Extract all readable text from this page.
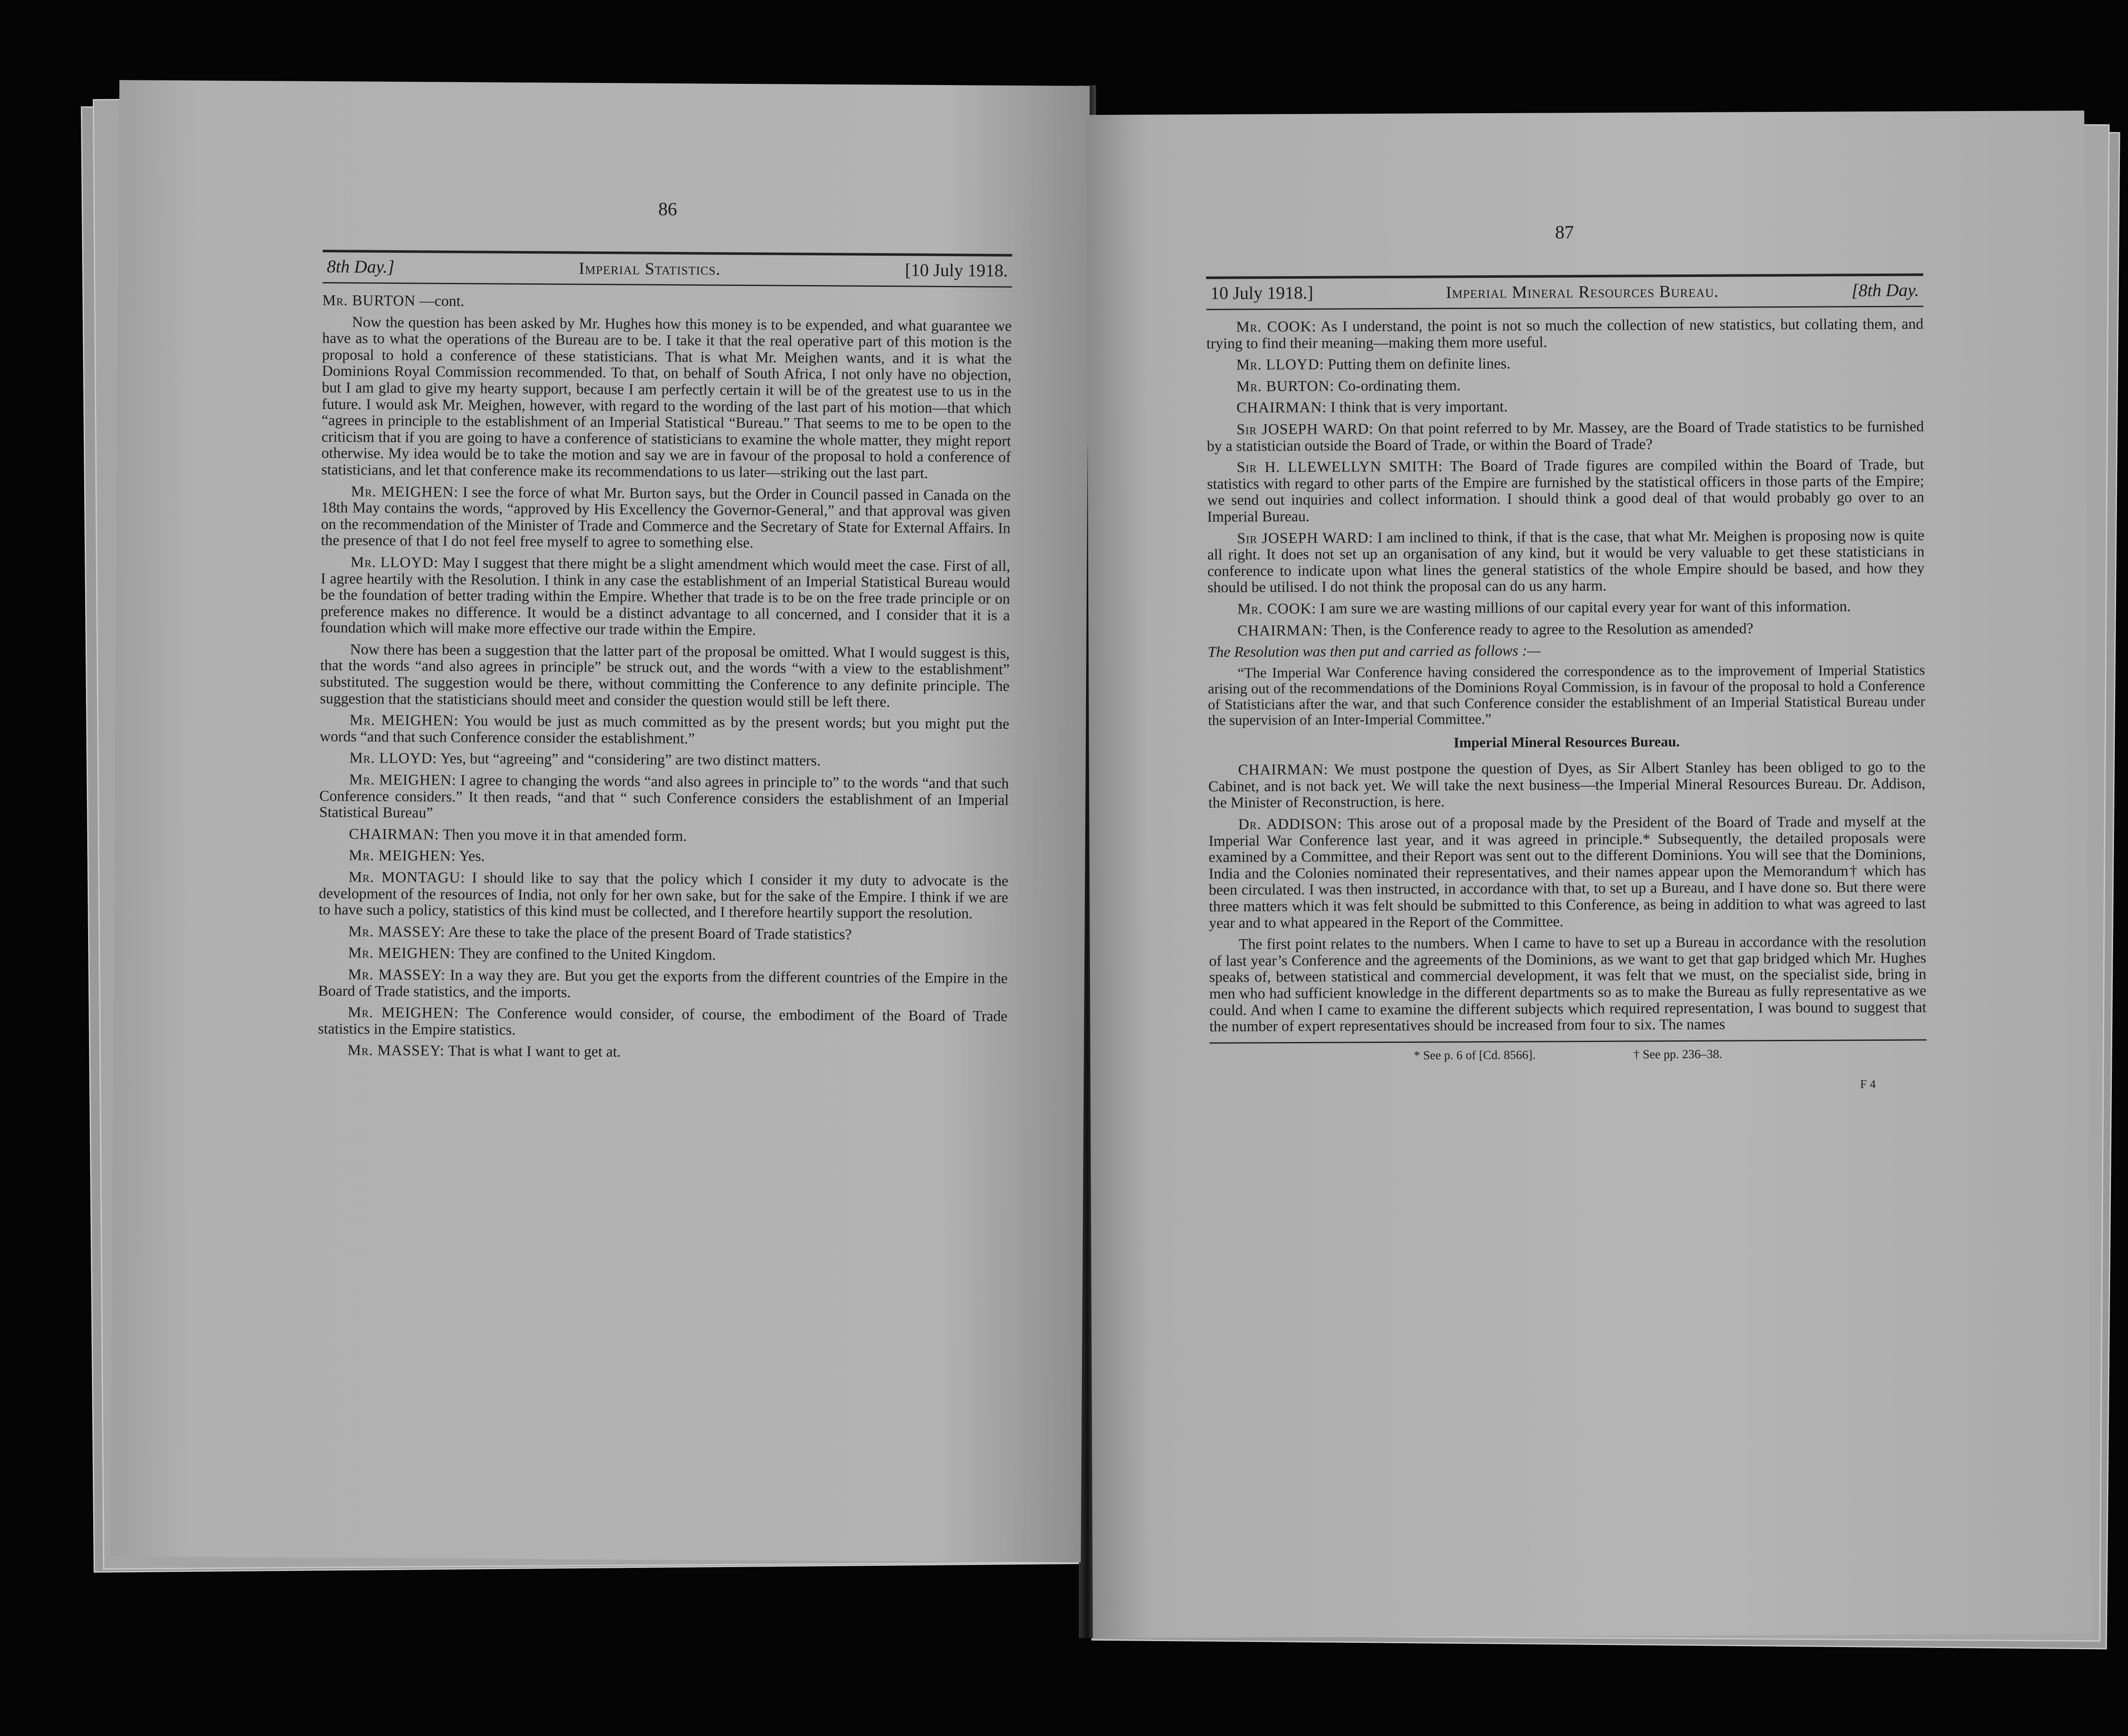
86
8th Day.]	Imperial Statistics.	[10 July 1918.

Mr. BURTON —cont.

Now the question has been asked by Mr. Hughes how this money is to be expended, and what guarantee we have as to what the operations of the Bureau are to be. I take it that the real operative part of this motion is the proposal to hold a conference of these statisticians. That is what Mr. Meighen wants, and it is what the Dominions Royal Commission recommended. To that, on behalf of South Africa, I not only have no objection, but I am glad to give my hearty support, because I am perfectly certain it will be of the greatest use to us in the future. I would ask Mr. Meighen, however, with regard to the wording of the last part of his motion—that which “agrees in principle to the establishment of an Imperial Statistical “Bureau.” That seems to me to be open to the criticism that if you are going to have a conference of statisticians to examine the whole matter, they might report otherwise. My idea would be to take the motion and say we are in favour of the proposal to hold a conference of statisticians, and let that conference make its recommendations to us later—striking out the last part.

Mr. MEIGHEN: I see the force of what Mr. Burton says, but the Order in Council passed in Canada on the 18th May contains the words, “approved by His Excellency the Governor-General,” and that approval was given on the recommendation of the Minister of Trade and Commerce and the Secretary of State for External Affairs. In the presence of that I do not feel free myself to agree to something else.

Mr. LLOYD: May I suggest that there might be a slight amendment which would meet the case. First of all, I agree heartily with the Resolution. I think in any case the establishment of an Imperial Statistical Bureau would be the foundation of better trading within the Empire. Whether that trade is to be on the free trade principle or on preference makes no difference. It would be a distinct advantage to all concerned, and I consider that it is a foundation which will make more effective our trade within the Empire.

Now there has been a suggestion that the latter part of the proposal be omitted. What I would suggest is this, that the words “and also agrees in principle” be struck out, and the words “with a view to the establishment” substituted. The suggestion would be there, without committing the Conference to any definite principle. The suggestion that the statisticians should meet and consider the question would still be left there.

Mr. MEIGHEN: You would be just as much committed as by the present words; but you might put the words “and that such Conference consider the establishment.”

Mr. LLOYD: Yes, but “agreeing” and “considering” are two distinct matters.

Mr. MEIGHEN: I agree to changing the words “and also agrees in principle to” to the words “and that such Conference considers.” It then reads, “and that “ such Conference considers the establishment of an Imperial Statistical Bureau”

CHAIRMAN: Then you move it in that amended form.

Mr. MEIGHEN: Yes.

Mr. MONTAGU: I should like to say that the policy which I consider it my duty to advocate is the development of the resources of India, not only for her own sake, but for the sake of the Empire. I think if we are to have such a policy, statistics of this kind must be collected, and I therefore heartily support the resolution.

Mr. MASSEY: Are these to take the place of the present Board of Trade statistics?

Mr. MEIGHEN: They are confined to the United Kingdom.

Mr. MASSEY: In a way they are. But you get the exports from the different countries of the Empire in the Board of Trade statistics, and the imports.

Mr. MEIGHEN: The Conference would consider, of course, the embodiment of the Board of Trade statistics in the Empire statistics.

Mr. MASSEY: That is what I want to get at.

87
10 July 1918.]	Imperial Mineral Resources Bureau.	[8th Day.

Mr. COOK: As I understand, the point is not so much the collection of new statistics, but collating them, and trying to find their meaning—making them more useful.

Mr. LLOYD: Putting them on definite lines.

Mr. BURTON: Co-ordinating them.

CHAIRMAN: I think that is very important.

Sir JOSEPH WARD: On that point referred to by Mr. Massey, are the Board of Trade statistics to be furnished by a statistician outside the Board of Trade, or within the Board of Trade?

Sir H. LLEWELLYN SMITH: The Board of Trade figures are compiled within the Board of Trade, but statistics with regard to other parts of the Empire are furnished by the statistical officers in those parts of the Empire; we send out inquiries and collect information. I should think a good deal of that would probably go over to an Imperial Bureau.

Sir JOSEPH WARD: I am inclined to think, if that is the case, that what Mr. Meighen is proposing now is quite all right. It does not set up an organisation of any kind, but it would be very valuable to get these statisticians in conference to indicate upon what lines the general statistics of the whole Empire should be based, and how they should be utilised. I do not think the proposal can do us any harm.

Mr. COOK: I am sure we are wasting millions of our capital every year for want of this information.

CHAIRMAN: Then, is the Conference ready to agree to the Resolution as amended?

The Resolution was then put and carried as follows :—

“The Imperial War Conference having considered the correspondence as to the improvement of Imperial Statistics arising out of the recommendations of the Dominions Royal Commission, is in favour of the proposal to hold a Conference of Statisticians after the war, and that such Conference consider the establishment of an Imperial Statistical Bureau under the supervision of an Inter-Imperial Committee.”

Imperial Mineral Resources Bureau.

CHAIRMAN: We must postpone the question of Dyes, as Sir Albert Stanley has been obliged to go to the Cabinet, and is not back yet. We will take the next business—the Imperial Mineral Resources Bureau. Dr. Addison, the Minister of Reconstruction, is here.

Dr. ADDISON: This arose out of a proposal made by the President of the Board of Trade and myself at the Imperial War Conference last year, and it was agreed in principle.* Subsequently, the detailed proposals were examined by a Committee, and their Report was sent out to the different Dominions. You will see that the Dominions, India and the Colonies nominated their representatives, and their names appear upon the Memorandum† which has been circulated. I was then instructed, in accordance with that, to set up a Bureau, and I have done so. But there were three matters which it was felt should be submitted to this Conference, as being in addition to what was agreed to last year and to what appeared in the Report of the Committee.

The first point relates to the numbers. When I came to have to set up a Bureau in accordance with the resolution of last year’s Conference and the agreements of the Dominions, as we want to get that gap bridged which Mr. Hughes speaks of, between statistical and commercial development, it was felt that we must, on the specialist side, bring in men who had sufficient knowledge in the different departments so as to make the Bureau as fully representative as we could. And when I came to examine the different subjects which required representation, I was bound to suggest that the number of expert representatives should be increased from four to six. The names

* See p. 6 of [Cd. 8566].	† See pp. 236–38.
F 4
